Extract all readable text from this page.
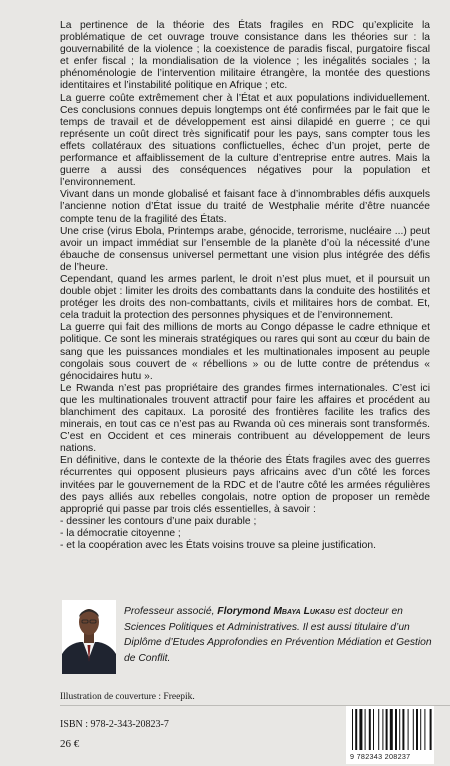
La pertinence de la théorie des États fragiles en RDC qu’explicite la problématique de cet ouvrage trouve consistance dans les théories sur : la gouvernabilité de la violence ; la coexistence de paradis fiscal, purgatoire fiscal et enfer fiscal ; la mondialisation de la violence ; les inégalités sociales ; la phénoménologie de l’intervention militaire étrangère, la montée des questions identitaires et l’instabilité politique en Afrique ; etc.

La guerre coûte extrêmement cher à l’État et aux populations individuellement. Ces conclusions connues depuis longtemps ont été confirmées par le fait que le temps de travail et de développement est ainsi dilapidé en guerre ; ce qui représente un coût direct très significatif pour les pays, sans compter tous les effets collatéraux des situations conflictuelles, échec d’un projet, perte de performance et affaiblissement de la culture d’entreprise entre autres. Mais la guerre a aussi des conséquences négatives pour la population et l’environnement.

Vivant dans un monde globalisé et faisant face à d’innombrables défis auxquels l’ancienne notion d’État issue du traité de Westphalie mérite d’être nuancée compte tenu de la fragilité des États.

Une crise (virus Ebola, Printemps arabe, génocide, terrorisme, nucléaire ...) peut avoir un impact immédiat sur l’ensemble de la planète d’où la nécessité d’une ébauche de consensus universel permettant une vision plus intégrée des défis de l’heure.

Cependant, quand les armes parlent, le droit n’est plus muet, et il poursuit un double objet : limiter les droits des combattants dans la conduite des hostilités et protéger les droits des non-combattants, civils et militaires hors de combat. Et, cela traduit la protection des personnes physiques et de l’environnement.

La guerre qui fait des millions de morts au Congo dépasse le cadre ethnique et politique. Ce sont les minerais stratégiques ou rares qui sont au cœur du bain de sang que les puissances mondiales et les multinationales imposent au peuple congolais sous couvert de « rébellions » ou de lutte contre de prétendus « génocidaires hutu ».

Le Rwanda n’est pas propriétaire des grandes firmes internationales. C’est ici que les multinationales trouvent attractif pour faire les affaires et procédent au blanchiment des capitaux. La porosité des frontières facilite les trafics des minerais, en tout cas ce n’est pas au Rwanda où ces minerais sont transformés. C’est en Occident et ces minerais contribuent au développement de leurs nations.

En définitive, dans le contexte de la théorie des États fragiles avec des guerres récurrentes qui opposent plusieurs pays africains avec d’un côté les forces invitées par le gouvernement de la RDC et de l’autre côté les armées régulières des pays alliés aux rebelles congolais, notre option de proposer un remède approprié qui passe par trois clés essentielles, à savoir :

- dessiner les contours d’une paix durable ;

- la démocratie citoyenne ;

- et la coopération avec les États voisins trouve sa pleine justification.

Professeur associé, Florymond Mbaya Lukasu est docteur en Sciences Politiques et Administratives. Il est aussi titulaire d’un Diplôme d’Etudes Approfondies en Prévention Médiation et Gestion de Conflit.
Illustration de couverture : Freepik.
ISBN : 978-2-343-20823-7
26 €
9 782343 208237
